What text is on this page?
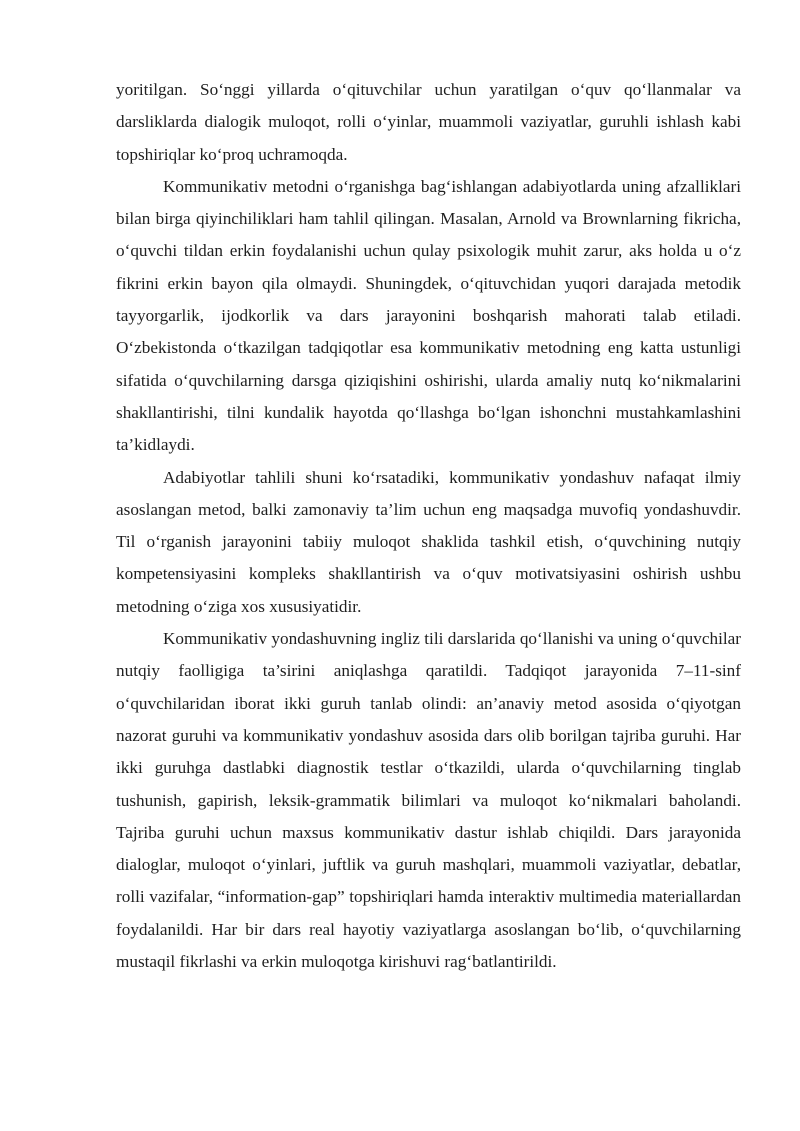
yoritilgan. So‘nggi yillarda o‘qituvchilar uchun yaratilgan o‘quv qo‘llanmalar va darsliklarda dialogik muloqot, rolli o‘yinlar, muammoli vaziyatlar, guruhli ishlash kabi topshiriqlar ko‘proq uchramoqda.

Kommunikativ metodni o‘rganishga bag‘ishlangan adabiyotlarda uning afzalliklari bilan birga qiyinchiliklari ham tahlil qilingan. Masalan, Arnold va Brownlarning fikricha, o‘quvchi tildan erkin foydalanishi uchun qulay psixologik muhit zarur, aks holda u o‘z fikrini erkin bayon qila olmaydi. Shuningdek, o‘qituvchidan yuqori darajada metodik tayyorgarlik, ijodkorlik va dars jarayonini boshqarish mahorati talab etiladi. O‘zbekistonda o‘tkazilgan tadqiqotlar esa kommunikativ metodning eng katta ustunligi sifatida o‘quvchilarning darsga qiziqishini oshirishi, ularda amaliy nutq ko‘nikmalarini shakllantirishi, tilni kundalik hayotda qo‘llashga bo‘lgan ishonchni mustahkamlashini ta’kidlaydi.

Adabiyotlar tahlili shuni ko‘rsatadiki, kommunikativ yondashuv nafaqat ilmiy asoslangan metod, balki zamonaviy ta’lim uchun eng maqsadga muvofiq yondashuvdir. Til o‘rganish jarayonini tabiiy muloqot shaklida tashkil etish, o‘quvchining nutqiy kompetensiyasini kompleks shakllantirish va o‘quv motivatsiyasini oshirish ushbu metodning o‘ziga xos xususiyatidir.

Kommunikativ yondashuvning ingliz tili darslarida qo‘llanishi va uning o‘quvchilar nutqiy faolligiga ta’sirini aniqlashga qaratildi. Tadqiqot jarayonida 7–11-sinf o‘quvchilaridan iborat ikki guruh tanlab olindi: an’anaviy metod asosida o‘qiyotgan nazorat guruhi va kommunikativ yondashuv asosida dars olib borilgan tajriba guruhi. Har ikki guruhga dastlabki diagnostik testlar o‘tkazildi, ularda o‘quvchilarning tinglab tushunish, gapirish, leksik-grammatik bilimlari va muloqot ko‘nikmalari baholandi. Tajriba guruhi uchun maxsus kommunikativ dastur ishlab chiqildi. Dars jarayonida dialoglar, muloqot o‘yinlari, juftlik va guruh mashqlari, muammoli vaziyatlar, debatlar, rolli vazifalar, “information-gap” topshiriqlari hamda interaktiv multimedia materiallardan foydalanildi. Har bir dars real hayotiy vaziyatlarga asoslangan bo‘lib, o‘quvchilarning mustaqil fikrlashi va erkin muloqotga kirishuvi rag‘batlantirildi.
